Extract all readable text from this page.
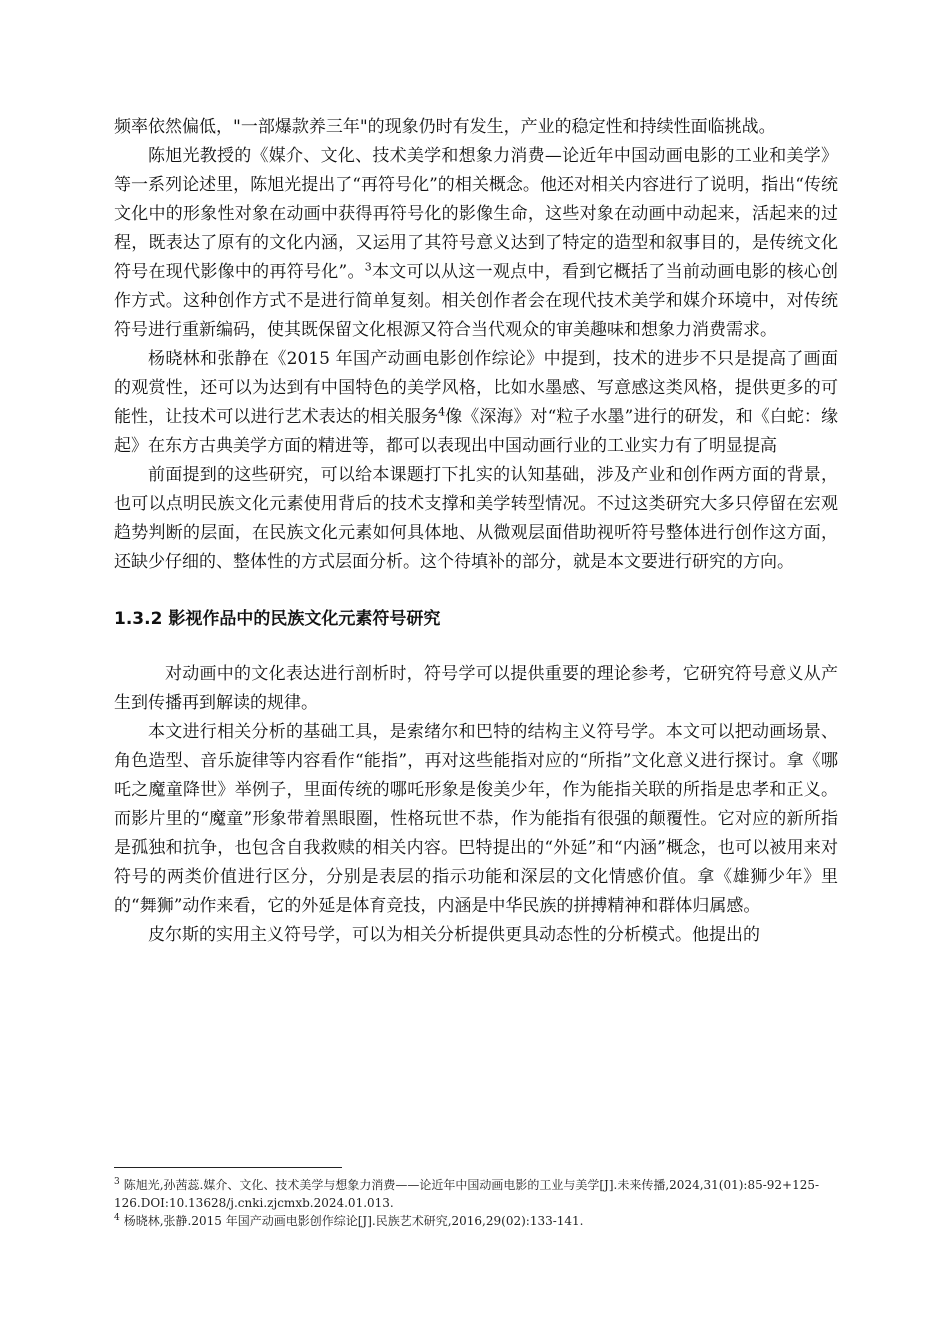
频率依然偏低，"一部爆款养三年"的现象仍时有发生，产业的稳定性和持续性面临挑战。

陈旭光教授的《媒介、文化、技术美学和想象力消费—论近年中国动画电影的工业和美学》等一系列论述里，陈旭光提出了“再符号化”的相关概念。他还对相关内容进行了说明，指出“传统文化中的形象性对象在动画中获得再符号化的影像生命，这些对象在动画中动起来，活起来的过程，既表达了原有的文化内涵，又运用了其符号意义达到了特定的造型和叙事目的，是传统文化符号在现代影像中的再符号化”。$^3$本文可以从这一观点中，看到它概括了当前动画电影的核心创作方式。这种创作方式不是进行简单复刻。相关创作者会在现代技术美学和媒介环境中，对传统符号进行重新编码，使其既保留文化根源又符合当代观众的审美趣味和想象力消费需求。

杨晓林和张静在《2015 年国产动画电影创作综论》中提到，技术的进步不只是提高了画面的观赏性，还可以为达到有中国特色的美学风格，比如水墨感、写意感这类风格，提供更多的可能性，让技术可以进行艺术表达的相关服务$^4$像《深海》对“粒子水墨”进行的研发，和《白蛇：缘起》在东方古典美学方面的精进等，都可以表现出中国动画行业的工业实力有了明显提高

前面提到的这些研究，可以给本课题打下扎实的认知基础，涉及产业和创作两方面的背景，也可以点明民族文化元素使用背后的技术支撑和美学转型情况。不过这类研究大多只停留在宏观趋势判断的层面，在民族文化元素如何具体地、从微观层面借助视听符号整体进行创作这方面，还缺少仔细的、整体性的方式层面分析。这个待填补的部分，就是本文要进行研究的方向。

1.3.2 影视作品中的民族文化元素符号研究

对动画中的文化表达进行剖析时，符号学可以提供重要的理论参考，它研究符号意义从产生到传播再到解读的规律。

本文进行相关分析的基础工具，是索绪尔和巴特的结构主义符号学。本文可以把动画场景、角色造型、音乐旋律等内容看作“能指”，再对这些能指对应的“所指”文化意义进行探讨。拿《哪吒之魔童降世》举例子，里面传统的哪吒形象是俊美少年，作为能指关联的所指是忠孝和正义。而影片里的“魔童”形象带着黑眼圈，性格玩世不恭，作为能指有很强的颠覆性。它对应的新所指是孤独和抗争，也包含自我救赎的相关内容。巴特提出的“外延”和“内涵”概念，也可以被用来对符号的两类价值进行区分，分别是表层的指示功能和深层的文化情感价值。拿《雄狮少年》里的“舞狮”动作来看，它的外延是体育竞技，内涵是中华民族的拼搏精神和群体归属感。

皮尔斯的实用主义符号学，可以为相关分析提供更具动态性的分析模式。他提出的

$^3$ 陈旭光,孙茜蕊.媒介、文化、技术美学与想象力消费——论近年中国动画电影的工业与美学[J].未来传播,2024,31(01):85-92+125-126.DOI:10.13628/j.cnki.zjcmxb.2024.01.013.

$^4$ 杨晓林,张静.2015 年国产动画电影创作综论[J].民族艺术研究,2016,29(02):133-141.
